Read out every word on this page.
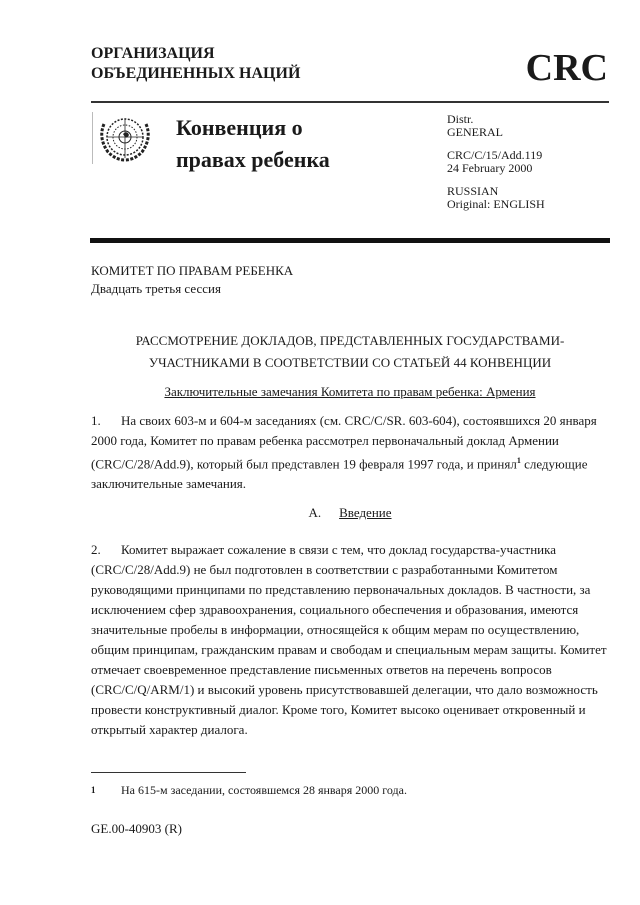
ОРГАНИЗАЦИЯ
ОБЪЕДИНЕННЫХ НАЦИЙ	CRC
Конвенция о
правах ребенка
Distr.
GENERAL
CRC/C/15/Add.119
24 February 2000
RUSSIAN
Original: ENGLISH
КОМИТЕТ ПО ПРАВАМ РЕБЕНКА
Двадцать третья сессия
РАССМОТРЕНИЕ ДОКЛАДОВ, ПРЕДСТАВЛЕННЫХ ГОСУДАРСТВАМИ-
УЧАСТНИКАМИ В СООТВЕТСТВИИ СО СТАТЬЕЙ 44 КОНВЕНЦИИ
Заключительные замечания Комитета по правам ребенка: Армения
1. На своих 603-м и 604-м заседаниях (см. CRC/C/SR. 603-604), состоявшихся 20 января 2000 года, Комитет по правам ребенка рассмотрел первоначальный доклад Армении (CRC/C/28/Add.9), который был представлен 19 февраля 1997 года, и принял$^1$ следующие заключительные замечания.
A. Введение
2. Комитет выражает сожаление в связи с тем, что доклад государства-участника (CRC/C/28/Add.9) не был подготовлен в соответствии с разработанными Комитетом руководящими принципами по представлению первоначальных докладов. В частности, за исключением сфер здравоохранения, социального обеспечения и образования, имеются значительные пробелы в информации, относящейся к общим мерам по осуществлению, общим принципам, гражданским правам и свободам и специальным мерам защиты. Комитет отмечает своевременное представление письменных ответов на перечень вопросов (CRC/C/Q/ARM/1) и высокий уровень присутствовавшей делегации, что дало возможность провести конструктивный диалог. Кроме того, Комитет высоко оценивает откровенный и открытый характер диалога.
1 На 615-м заседании, состоявшемся 28 января 2000 года.
GE.00-40903 (R)
